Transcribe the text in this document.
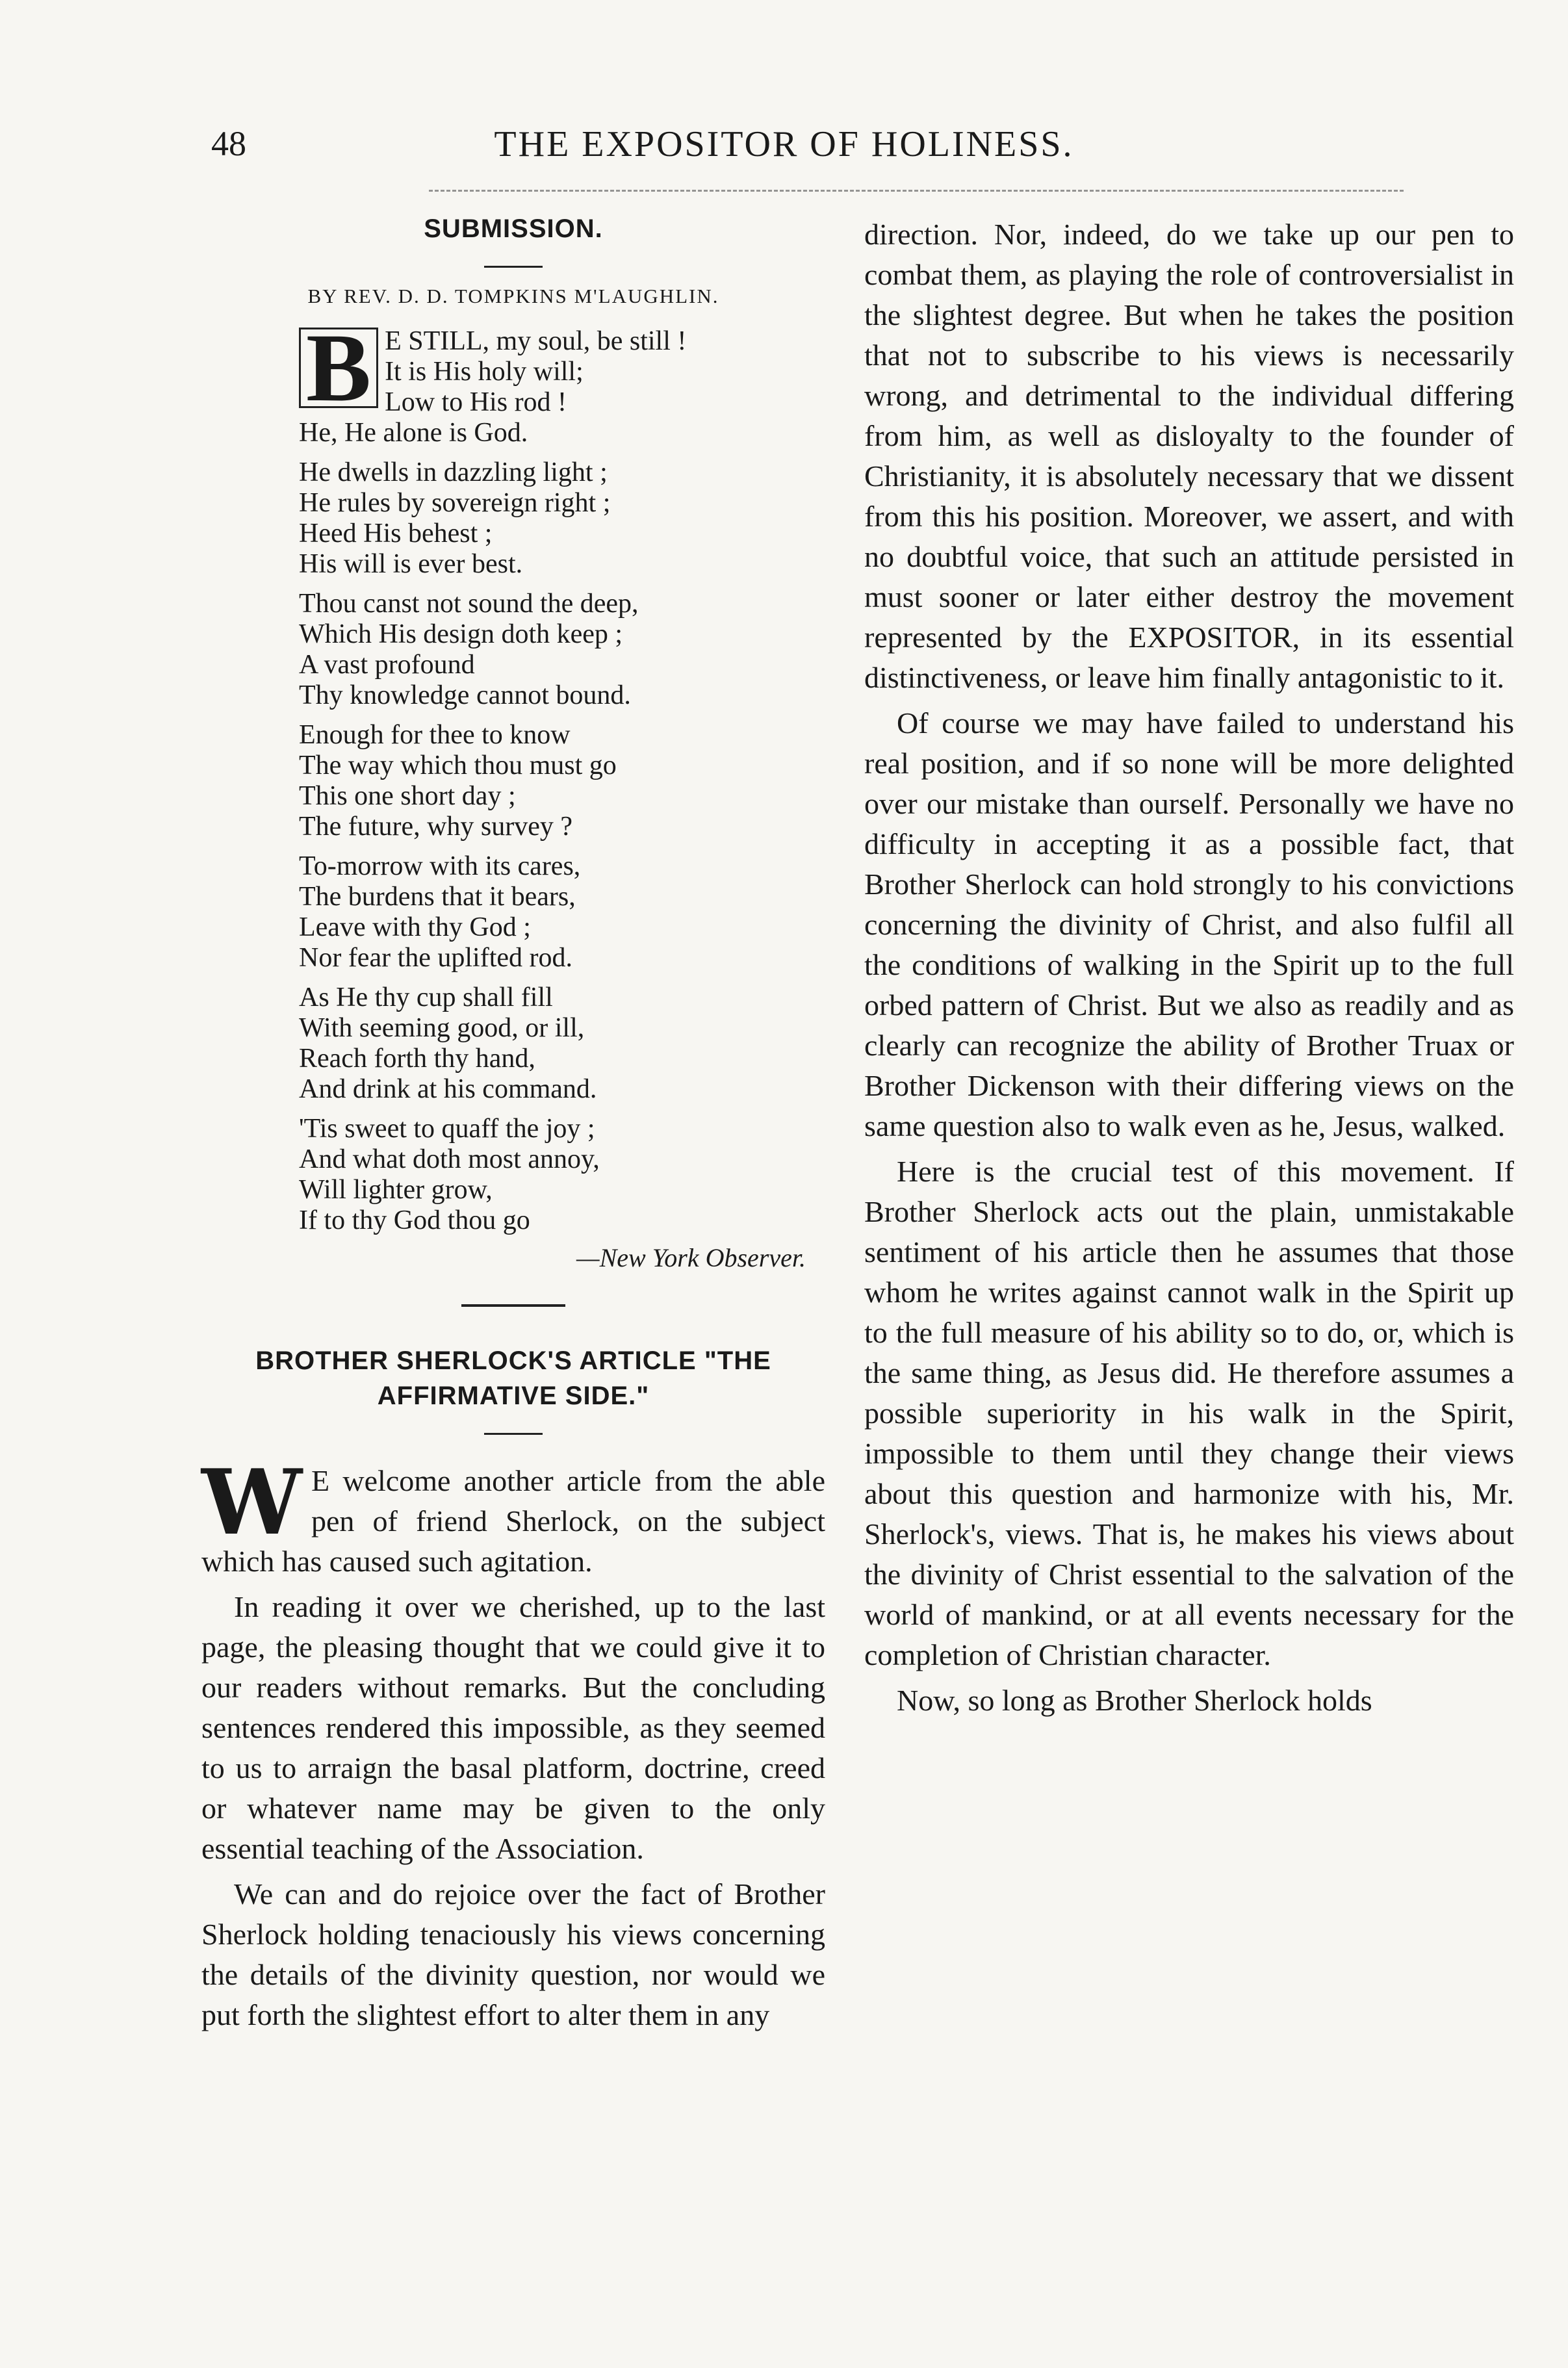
48	THE EXPOSITOR OF HOLINESS.
SUBMISSION.
BY REV. D. D. TOMPKINS M'LAUGHLIN.
B E STILL, my soul, be still !
It is His holy will;
Low to His rod !
He, He alone is God.
He dwells in dazzling light ;
He rules by sovereign right ;
Heed His behest ;
His will is ever best.
Thou canst not sound the deep,
Which His design doth keep ;
A vast profound
Thy knowledge cannot bound.
Enough for thee to know
The way which thou must go
This one short day ;
The future, why survey ?
To-morrow with its cares,
The burdens that it bears,
Leave with thy God ;
Nor fear the uplifted rod.
As He thy cup shall fill
With seeming good, or ill,
Reach forth thy hand,
And drink at his command.
'Tis sweet to quaff the joy ;
And what doth most annoy,
Will lighter grow,
If to thy God thou go
—New York Observer.
BROTHER SHERLOCK'S ARTICLE "THE AFFIRMATIVE SIDE."

W E welcome another article from the able pen of friend Sherlock, on the subject which has caused such agitation.

In reading it over we cherished, up to the last page, the pleasing thought that we could give it to our readers without remarks. But the concluding sentences rendered this impossible, as they seemed to us to arraign the basal platform, doctrine, creed or whatever name may be given to the only essential teaching of the Association.

We can and do rejoice over the fact of Brother Sherlock holding tenaciously his views concerning the details of the divinity question, nor would we put forth the slightest effort to alter them in any

direction. Nor, indeed, do we take up our pen to combat them, as playing the role of controversialist in the slightest degree. But when he takes the position that not to subscribe to his views is necessarily wrong, and detrimental to the individual differing from him, as well as disloyalty to the founder of Christianity, it is absolutely necessary that we dissent from this his position. Moreover, we assert, and with no doubtful voice, that such an attitude persisted in must sooner or later either destroy the movement represented by the EXPOSITOR, in its essential distinctiveness, or leave him finally antagonistic to it.

Of course we may have failed to understand his real position, and if so none will be more delighted over our mistake than ourself. Personally we have no difficulty in accepting it as a possible fact, that Brother Sherlock can hold strongly to his convictions concerning the divinity of Christ, and also fulfil all the conditions of walking in the Spirit up to the full orbed pattern of Christ. But we also as readily and as clearly can recognize the ability of Brother Truax or Brother Dickenson with their differing views on the same question also to walk even as he, Jesus, walked.

Here is the crucial test of this movement. If Brother Sherlock acts out the plain, unmistakable sentiment of his article then he assumes that those whom he writes against cannot walk in the Spirit up to the full measure of his ability so to do, or, which is the same thing, as Jesus did. He therefore assumes a possible superiority in his walk in the Spirit, impossible to them until they change their views about this question and harmonize with his, Mr. Sherlock's, views. That is, he makes his views about the divinity of Christ essential to the salvation of the world of mankind, or at all events necessary for the completion of Christian character.

Now, so long as Brother Sherlock holds
